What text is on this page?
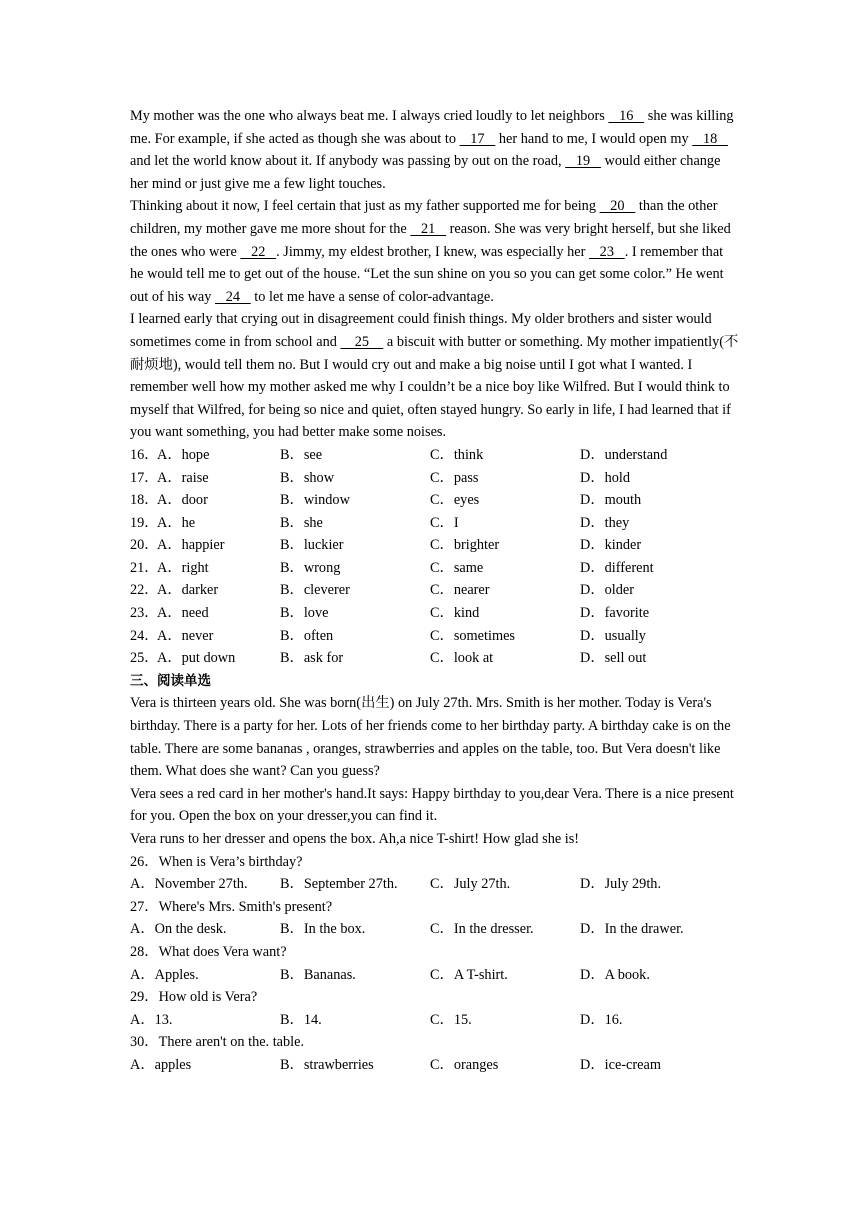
My mother was the one who always beat me. I always cried loudly to let neighbors    16    she was killing me. For example, if she acted as though she was about to    17    her hand to me, I would open my    18    and let the world know about it. If anybody was passing by out on the road,    19    would either change her mind or just give me a few light touches.

Thinking about it now, I feel certain that just as my father supported me for being    20    than the other children, my mother gave me more shout for the    21    reason. She was very bright herself, but she liked the ones who were    22   . Jimmy, my eldest brother, I knew, was especially her    23   . I remember that he would tell me to get out of the house. “Let the sun shine on you so you can get some color.” He went out of his way    24    to let me have a sense of color-advantage.

I learned early that crying out in disagreement could finish things. My older brothers and sister would sometimes come in from school and     25     a biscuit with butter or something. My mother impatiently(不耐烦地), would tell them no. But I would cry out and make a big noise until I got what I wanted. I remember well how my mother asked me why I couldn’t be a nice boy like Wilfred. But I would think to myself that Wilfred, for being so nice and quiet, often stayed hungry. So early in life, I had learned that if you want something, you had better make some noises.

16．A．hope	B．see	C．think	D．understand
17．A．raise	B．show	C．pass	D．hold
18．A．door	B．window	C．eyes	D．mouth
19．A．he	B．she	C．I	D．they
20．A．happier	B．luckier	C．brighter	D．kinder
21．A．right	B．wrong	C．same	D．different
22．A．darker	B．cleverer	C．nearer	D．older
23．A．need	B．love	C．kind	D．favorite
24．A．never	B．often	C．sometimes	D．usually
25．A．put down	B．ask for	C．look at	D．sell out
三、阅读单选

Vera is thirteen years old. She was born(出生) on July 27th. Mrs. Smith is her mother. Today is Vera's birthday. There is a party for her. Lots of her friends come to her birthday party. A birthday cake is on the table. There are some bananas , oranges, strawberries and apples on the table, too. But Vera doesn't like them. What does she want? Can you guess?

Vera sees a red card in her mother's hand.It says: Happy birthday to you,dear Vera. There is a nice present for you. Open the box on your dresser,you can find it.

Vera runs to her dresser and opens the box. Ah,a nice T-shirt! How glad she is!

26．When is Vera’s birthday?
A．November 27th.	B．September 27th.	C．July 27th.	D．July 29th.
27．Where's Mrs. Smith's present?
A．On the desk.	B．In the box.	C．In the dresser.	D．In the drawer.
28．What does Vera want?
A．Apples.	B．Bananas.	C．A T-shirt.	D．A book.
29．How old is Vera?
A．13.	B．14.	C．15.	D．16.
30．There aren't on the. table.
A．apples	B．strawberries	C．oranges	D．ice-cream
